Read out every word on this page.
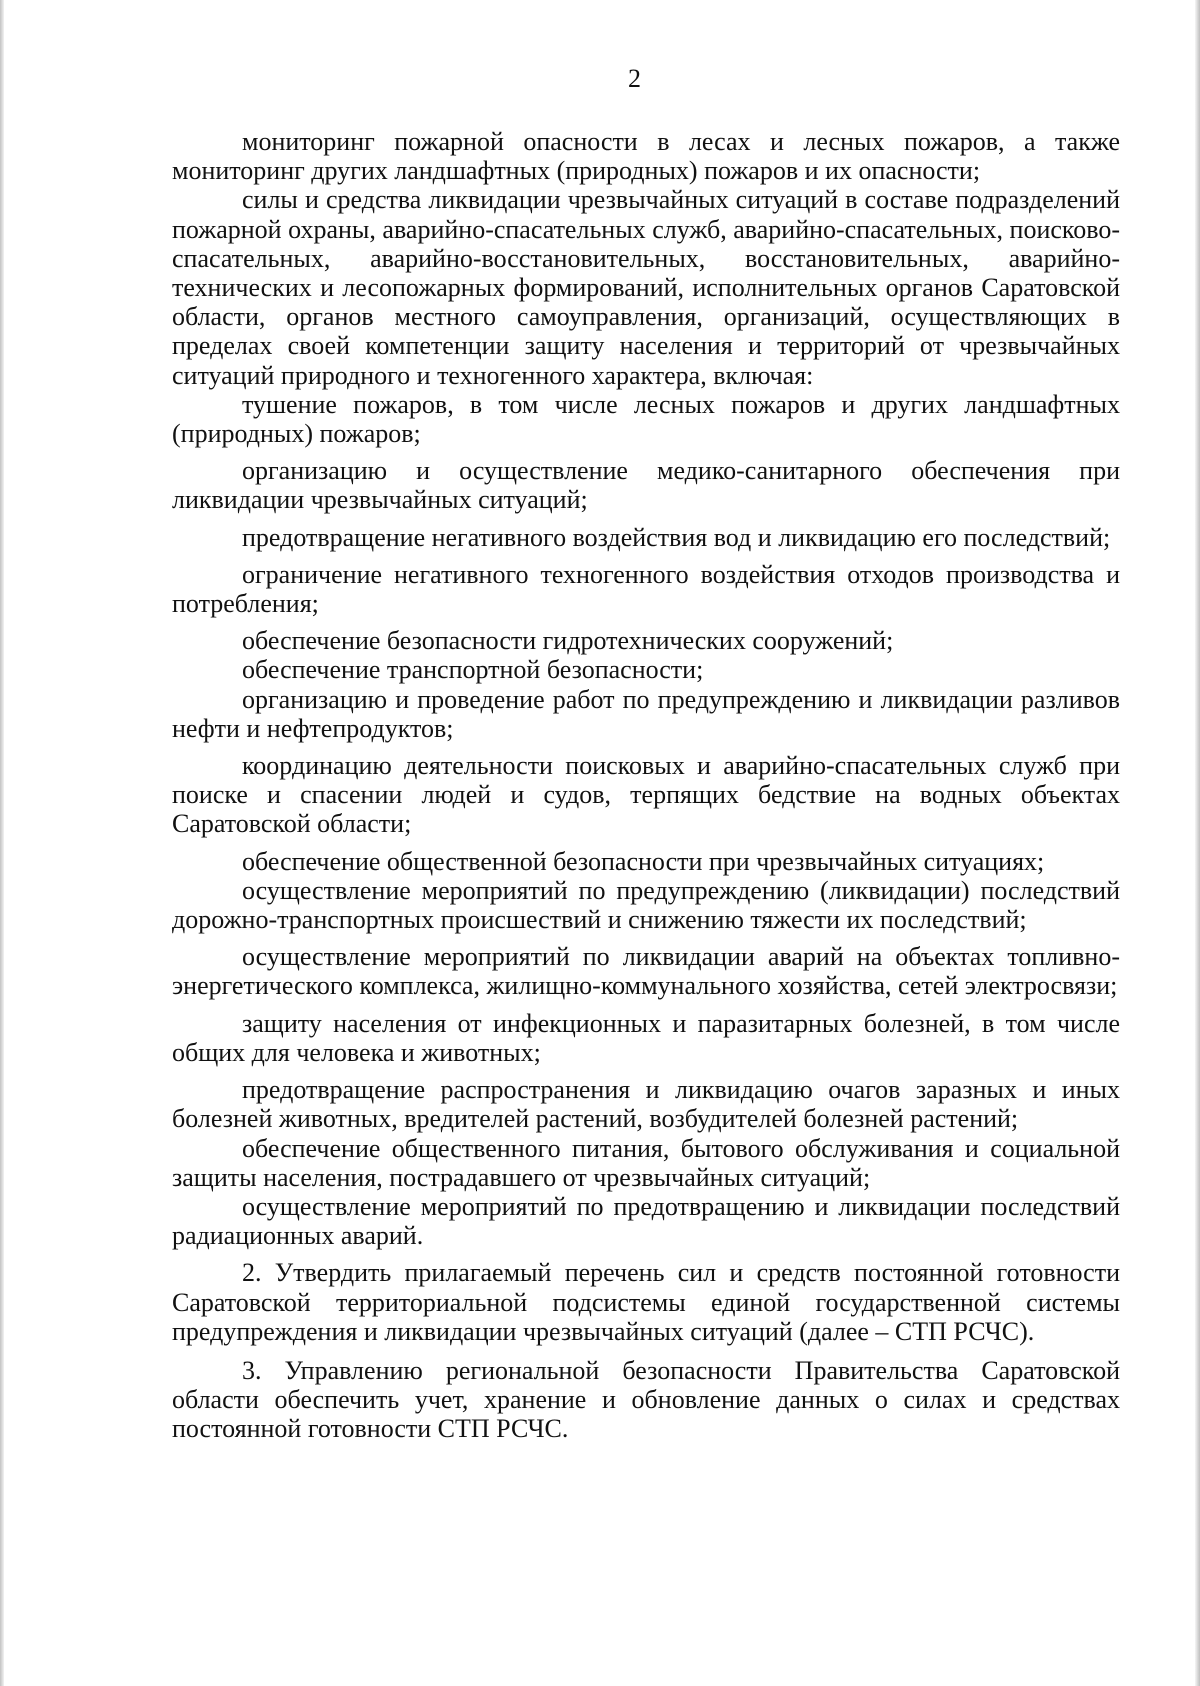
2

мониторинг пожарной опасности в лесах и лесных пожаров, а также мониторинг других ландшафтных (природных) пожаров и их опасности;

силы и средства ликвидации чрезвычайных ситуаций в составе подразделений пожарной охраны, аварийно-спасательных служб, аварийно-спасательных, поисково-спасательных, аварийно-восстановительных, восстановительных, аварийно-технических и лесопожарных формирований, исполнительных органов Саратовской области, органов местного самоуправления, организаций, осуществляющих в пределах своей компетенции защиту населения и территорий от чрезвычайных ситуаций природного и техногенного характера, включая:

тушение пожаров, в том числе лесных пожаров и других ландшафтных (природных) пожаров;

организацию и осуществление медико-санитарного обеспечения при ликвидации чрезвычайных ситуаций;

предотвращение негативного воздействия вод и ликвидацию его последствий;

ограничение негативного техногенного воздействия отходов производства и потребления;

обеспечение безопасности гидротехнических сооружений;

обеспечение транспортной безопасности;

организацию и проведение работ по предупреждению и ликвидации разливов нефти и нефтепродуктов;

координацию деятельности поисковых и аварийно-спасательных служб при поиске и спасении людей и судов, терпящих бедствие на водных объектах Саратовской области;

обеспечение общественной безопасности при чрезвычайных ситуациях;

осуществление мероприятий по предупреждению (ликвидации) последствий дорожно-транспортных происшествий и снижению тяжести их последствий;

осуществление мероприятий по ликвидации аварий на объектах топливно-энергетического комплекса, жилищно-коммунального хозяйства, сетей электросвязи;

защиту населения от инфекционных и паразитарных болезней, в том числе общих для человека и животных;

предотвращение распространения и ликвидацию очагов заразных и иных болезней животных, вредителей растений, возбудителей болезней растений;

обеспечение общественного питания, бытового обслуживания и социальной защиты населения, пострадавшего от чрезвычайных ситуаций;

осуществление мероприятий по предотвращению и ликвидации последствий радиационных аварий.

2. Утвердить прилагаемый перечень сил и средств постоянной готовности Саратовской территориальной подсистемы единой государственной системы предупреждения и ликвидации чрезвычайных ситуаций (далее – СТП РСЧС).

3. Управлению региональной безопасности Правительства Саратовской области обеспечить учет, хранение и обновление данных о силах и средствах постоянной готовности СТП РСЧС.
